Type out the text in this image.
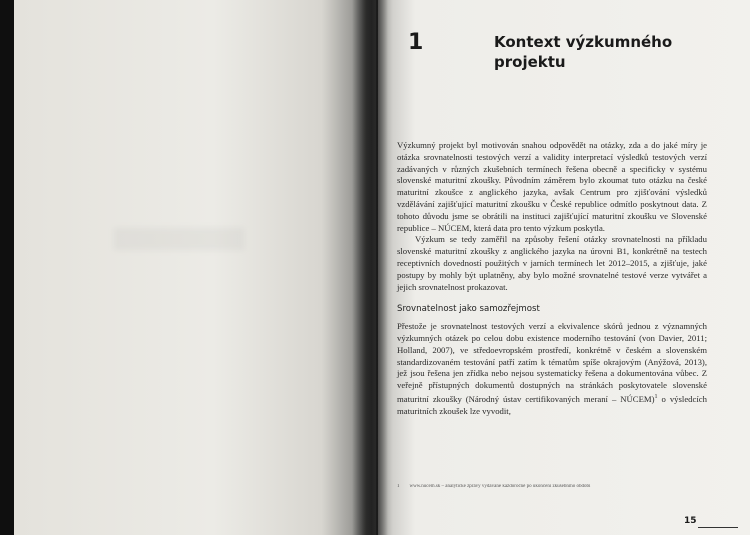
1	Kontext výzkumného projektu

Výzkumný projekt byl motivován snahou odpovědět na otázky, zda a do jaké míry je otázka srovnatelnosti testových verzí a validity interpretací výsledků testových verzí zadávaných v různých zkušebních termínech řešena obecně a specificky v systému slovenské maturitní zkoušky. Původním záměrem bylo zkoumat tuto otázku na české maturitní zkoušce z anglického jazyka, avšak Centrum pro zjišťování výsledků vzdělávání zajišťující maturitní zkoušku v České republice odmítlo poskytnout data. Z tohoto důvodu jsme se obrátili na instituci zajišťující maturitní zkoušku ve Slovenské republice – NÚCEM, která data pro tento výzkum poskytla.

Výzkum se tedy zaměřil na způsoby řešení otázky srovnatelnosti na příkladu slovenské maturitní zkoušky z anglického jazyka na úrovni B1, konkrétně na testech receptivních dovedností použitých v jarních termínech let 2012–2015, a zjišťuje, jaké postupy by mohly být uplatněny, aby bylo možné srovnatelné testové verze vytvářet a jejich srovnatelnost prokazovat.

Srovnatelnost jako samozřejmost

Přestože je srovnatelnost testových verzí a ekvivalence skórů jednou z významných výzkumných otázek po celou dobu existence moderního testování (von Davier, 2011; Holland, 2007), ve středoevropském prostředí, konkrétně v českém a slovenském standardizovaném testování patří zatím k tématům spíše okrajovým (Anýžová, 2013), jež jsou řešena jen zřídka nebo nejsou systematicky řešena a dokumentována vůbec. Z veřejně přístupných dokumentů dostupných na stránkách poskytovatele slovenské maturitní zkoušky (Národný ústav certifikovaných meraní – NÚCEM)$^1$ o výsledcích maturitních zkoušek lze vyvodit,

1 www.nucem.sk – analytické zprávy vydávané každoročně po ukončení zkušebního období
15
